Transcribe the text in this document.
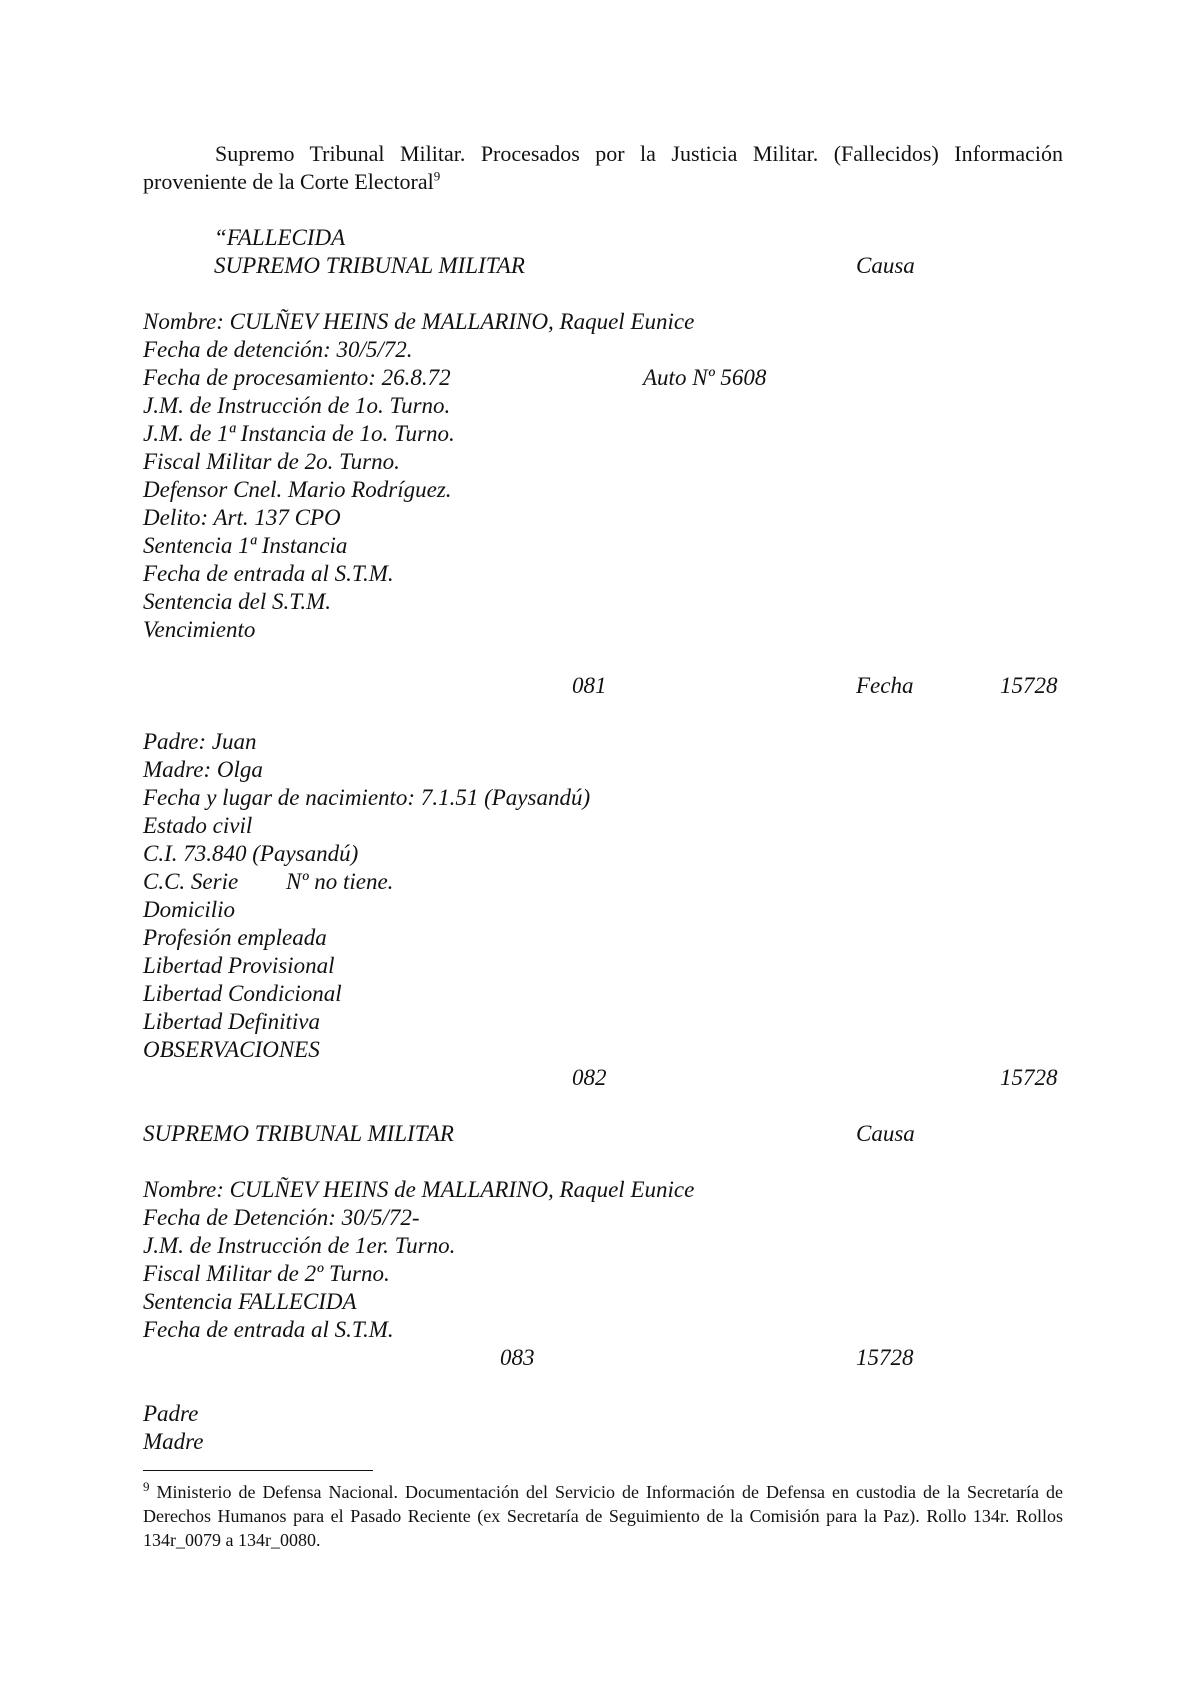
Supremo Tribunal Militar. Procesados por la Justicia Militar. (Fallecidos) Información proveniente de la Corte Electoral$^9$

“FALLECIDA
SUPREMO TRIBUNAL MILITAR	Causa
Nombre: CULÑEV HEINS de MALLARINO, Raquel Eunice
Fecha de detención: 30/5/72.
Fecha de procesamiento: 26.8.72	Auto Nº 5608
J.M. de Instrucción de 1o. Turno.
J.M. de 1ª Instancia de 1o. Turno.
Fiscal Militar de 2o. Turno.
Defensor Cnel. Mario Rodríguez.
Delito: Art. 137 CPO
Sentencia 1ª Instancia
Fecha de entrada al S.T.M.
Sentencia del S.T.M.
Vencimiento
081	Fecha	15728
Padre: Juan
Madre: Olga
Fecha y lugar de nacimiento: 7.1.51 (Paysandú)
Estado civil
C.I. 73.840 (Paysandú)
C.C. Serie Nº no tiene.
Domicilio
Profesión empleada
Libertad Provisional
Libertad Condicional
Libertad Definitiva
OBSERVACIONES
082	15728
SUPREMO TRIBUNAL MILITAR	Causa
Nombre: CULÑEV HEINS de MALLARINO, Raquel Eunice
Fecha de Detención: 30/5/72-
J.M. de Instrucción de 1er. Turno.
Fiscal Militar de 2º Turno.
Sentencia FALLECIDA
Fecha de entrada al S.T.M.
083	15728
Padre
Madre

$^9$ Ministerio de Defensa Nacional. Documentación del Servicio de Información de Defensa en custodia de la Secretaría de Derechos Humanos para el Pasado Reciente (ex Secretaría de Seguimiento de la Comisión para la Paz). Rollo 134r. Rollos 134r_0079 a 134r_0080.
